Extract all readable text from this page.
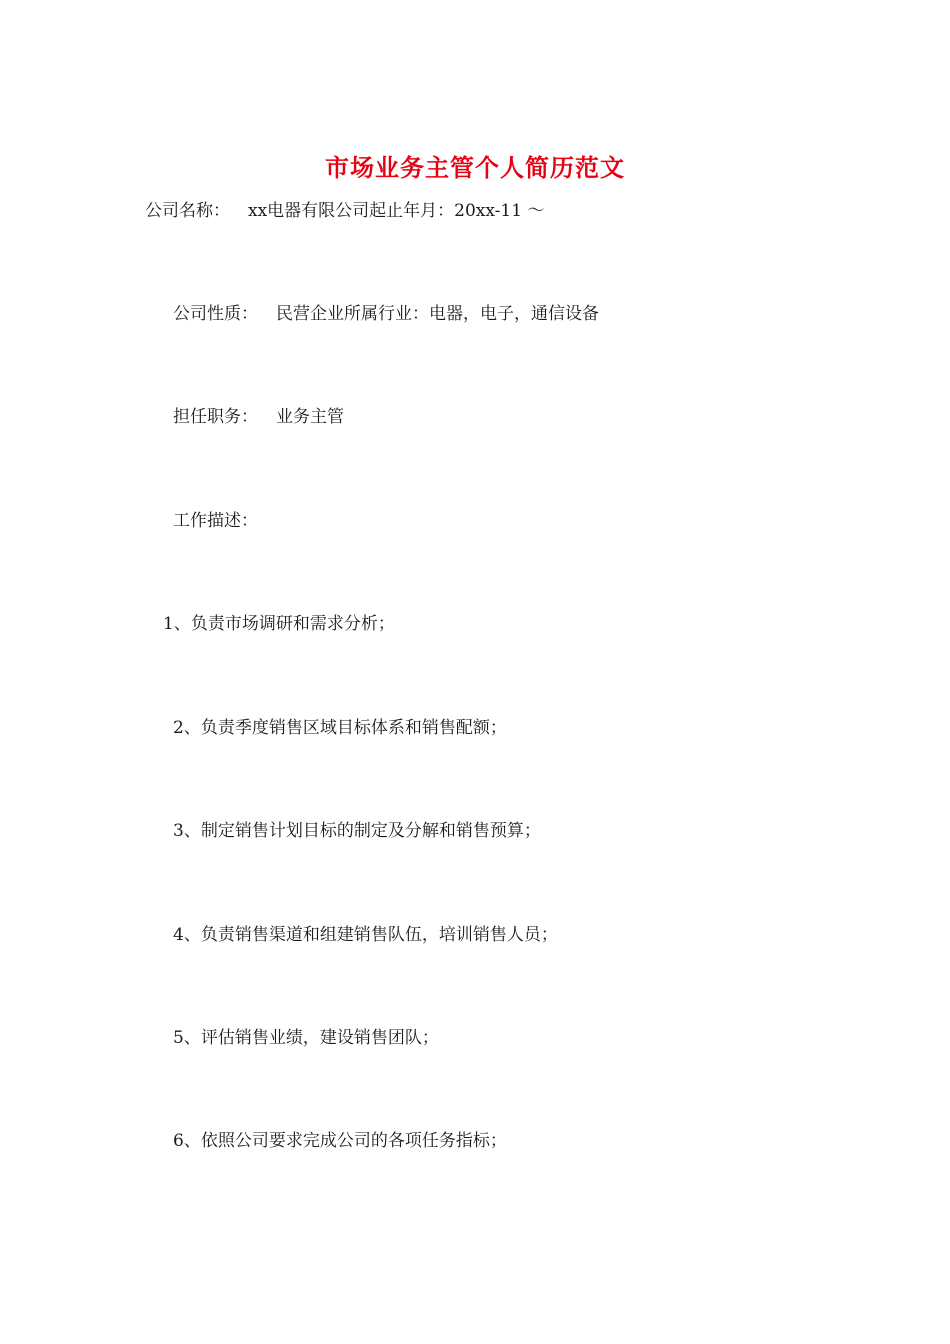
市场业务主管个人简历范文
公司名称： xx电器有限公司起止年月：20xx-11 ～
公司性质： 民营企业所属行业：电器，电子，通信设备
担任职务： 业务主管
工作描述：
1、负责市场调研和需求分析；
2、负责季度销售区域目标体系和销售配额；
3、制定销售计划目标的制定及分解和销售预算；
4、负责销售渠道和组建销售队伍，培训销售人员；
5、评估销售业绩，建设销售团队；
6、依照公司要求完成公司的各项任务指标；
